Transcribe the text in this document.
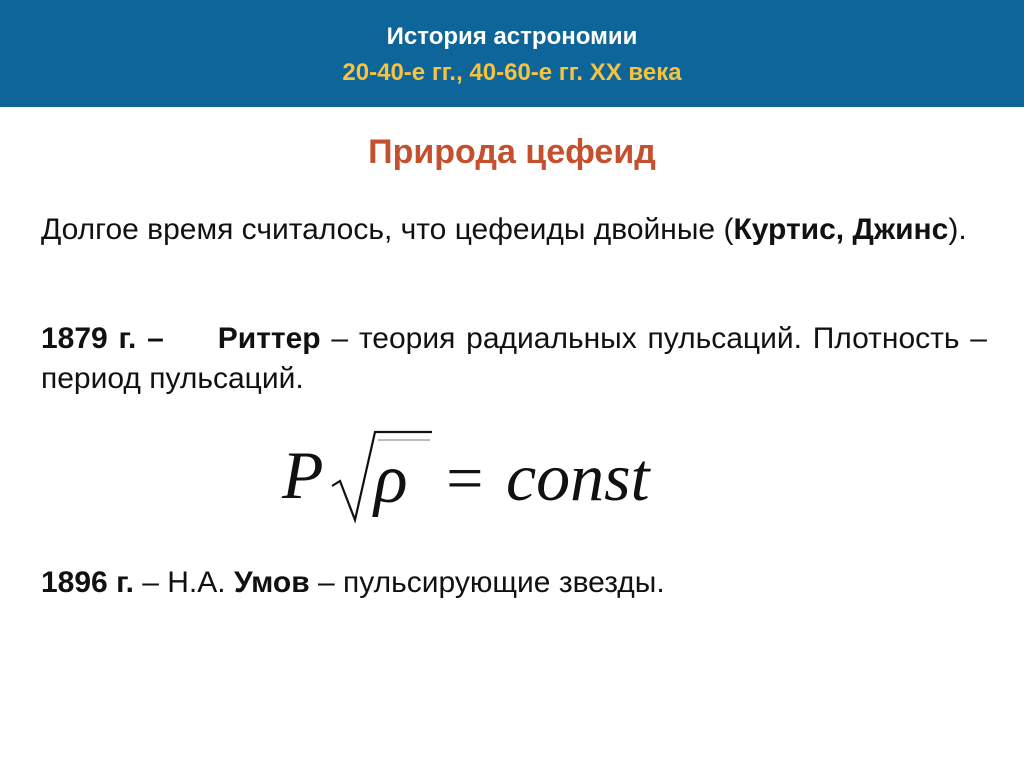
История астрономии
20-40-е гг., 40-60-е гг. XX века
Природа цефеид
Долгое время считалось, что цефеиды двойные (Куртис, Джинс).
1879 г. – Риттер – теория радиальных пульсаций. Плотность – период пульсаций.
P ρ = const
1896 г. – Н.А. Умов – пульсирующие звезды.
